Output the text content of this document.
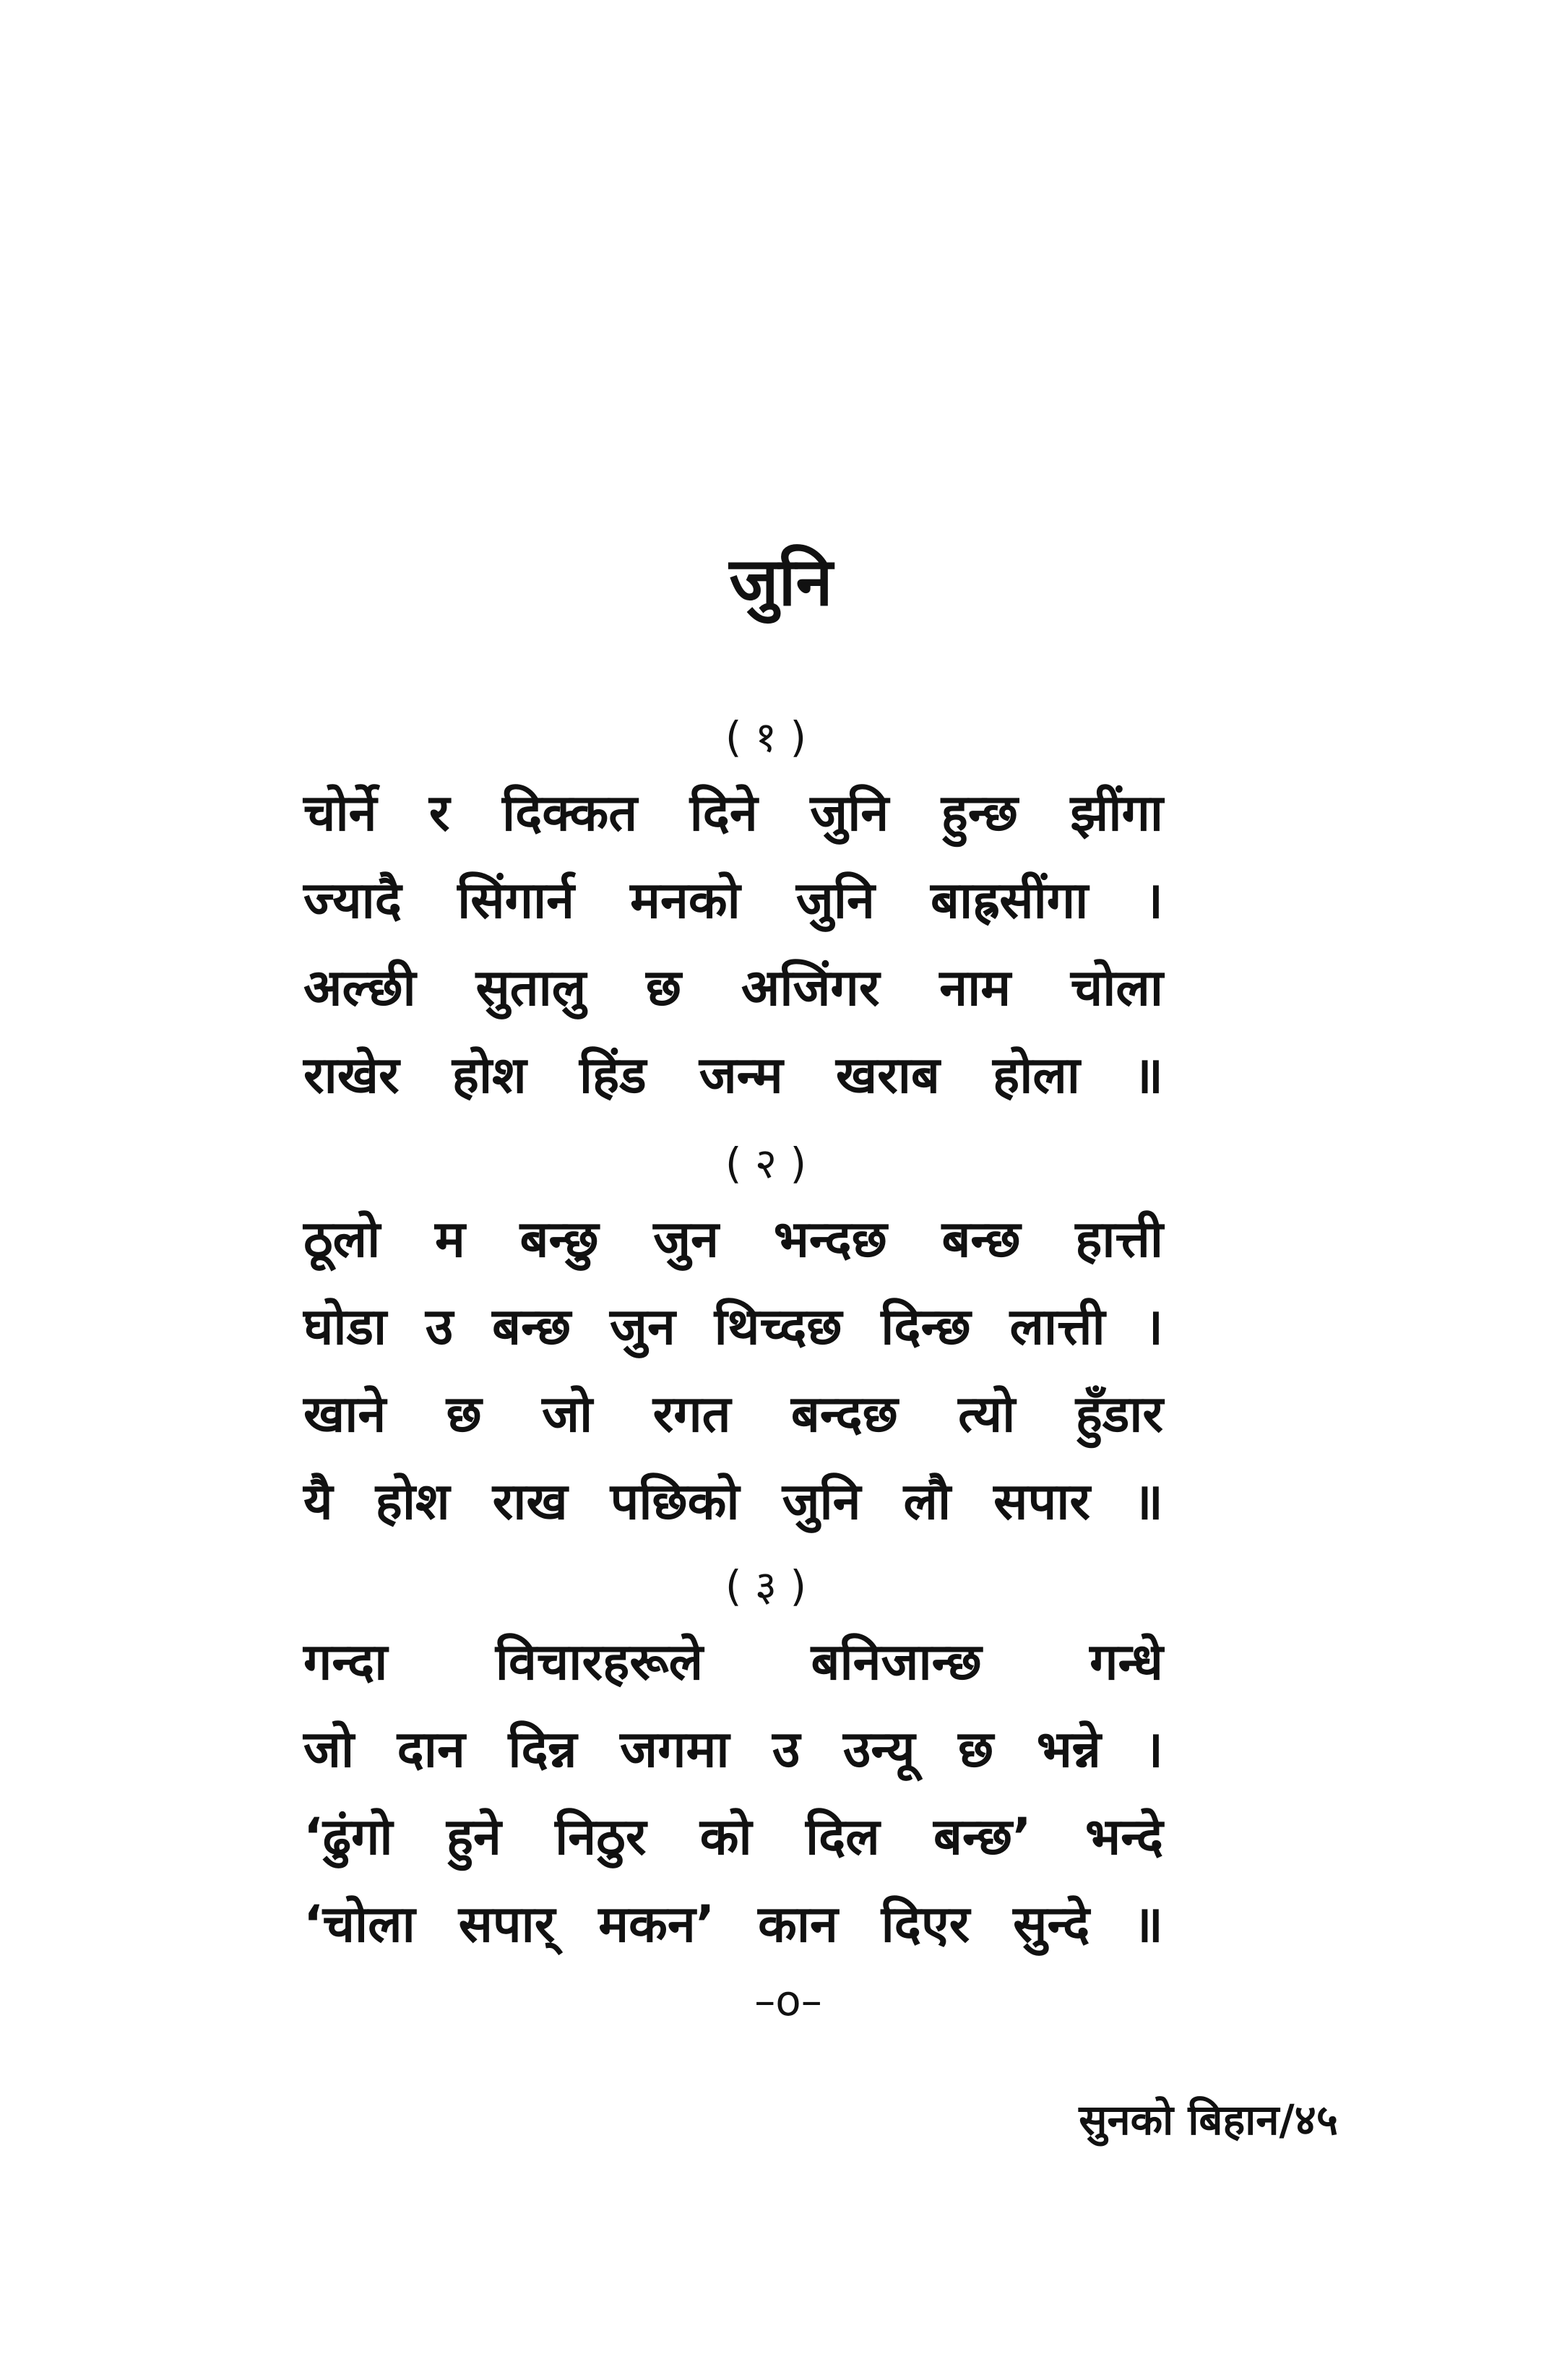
जुनि
( १ )
चोर्ने र दिक्कत दिने जुनि हुन्छ झींगा
ज्यादै सिंगार्न मनको जुनि बाह्रसींगा ।
अल्छी सुतालु छ अजिंगर नाम चोला
राखेर होश हिंड जन्म खराब होला ॥
( २ )
ठूलो म बन्छु जुन भन्दछ बन्छ हात्ती
घोडा उ बन्छ जुन थिच्दछ दिन्छ लात्ती ।
खाने छ जो रगत बन्दछ त्यो हुँडार
यै होश राख पछिको जुनि लौ सपार ॥
( ३ )
गन्दा विचारहरूले बनिजान्छ गन्धे
जो दान दिन्न जगमा उ उन्यू छ भन्ने ।
‘ढुंगो हुने निठुर को दिल बन्छ’ भन्दे
‘चोला सपार् मकन’ कान दिएर सुन्दे ॥
–o–
सुनको बिहान/४५
